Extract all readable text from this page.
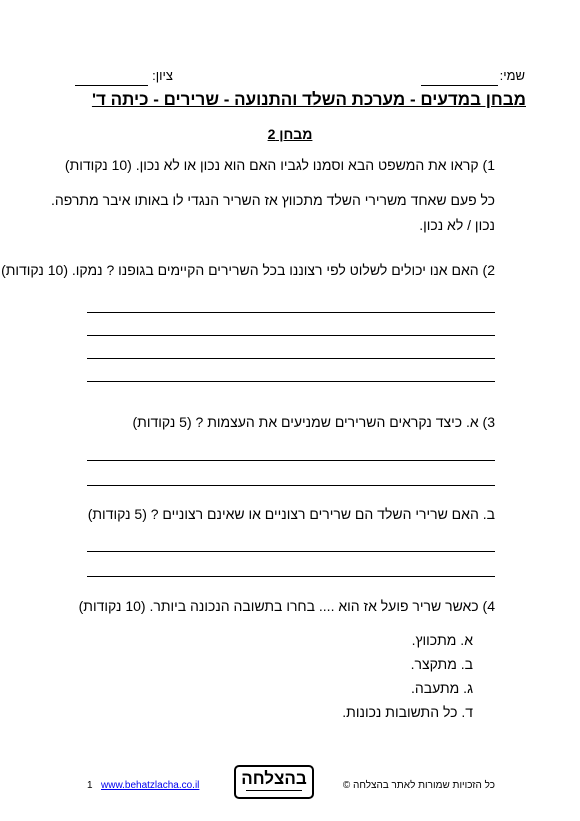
שמי:
ציון:
מבחן במדעים - מערכת השלד והתנועה - שרירים - כיתה ד'
מבחן 2
1) קראו את המשפט הבא וסמנו לגביו האם הוא נכון או לא נכון. (10 נקודות)
כל פעם שאחד משרירי השלד מתכווץ אז השריר הנגדי לו באותו איבר מתרפה.
נכון / לא נכון.
2) האם אנו יכולים לשלוט לפי רצוננו בכל השרירים הקיימים בגופנו ? נמקו. (10 נקודות)
3) א. כיצד נקראים השרירים שמניעים את העצמות ? (5 נקודות)
ב. האם שרירי השלד הם שרירים רצוניים או שאינם רצוניים ? (5 נקודות)
4) כאשר שריר פועל אז הוא .... בחרו בתשובה הנכונה ביותר. (10 נקודות)
א. מתכווץ.
ב. מתקצר.
ג. מתעבה.
ד. כל התשובות נכונות.
1 www.behatzlacha.co.il	בהצלחה	כל הזכויות שמורות לאתר בהצלחה ©
